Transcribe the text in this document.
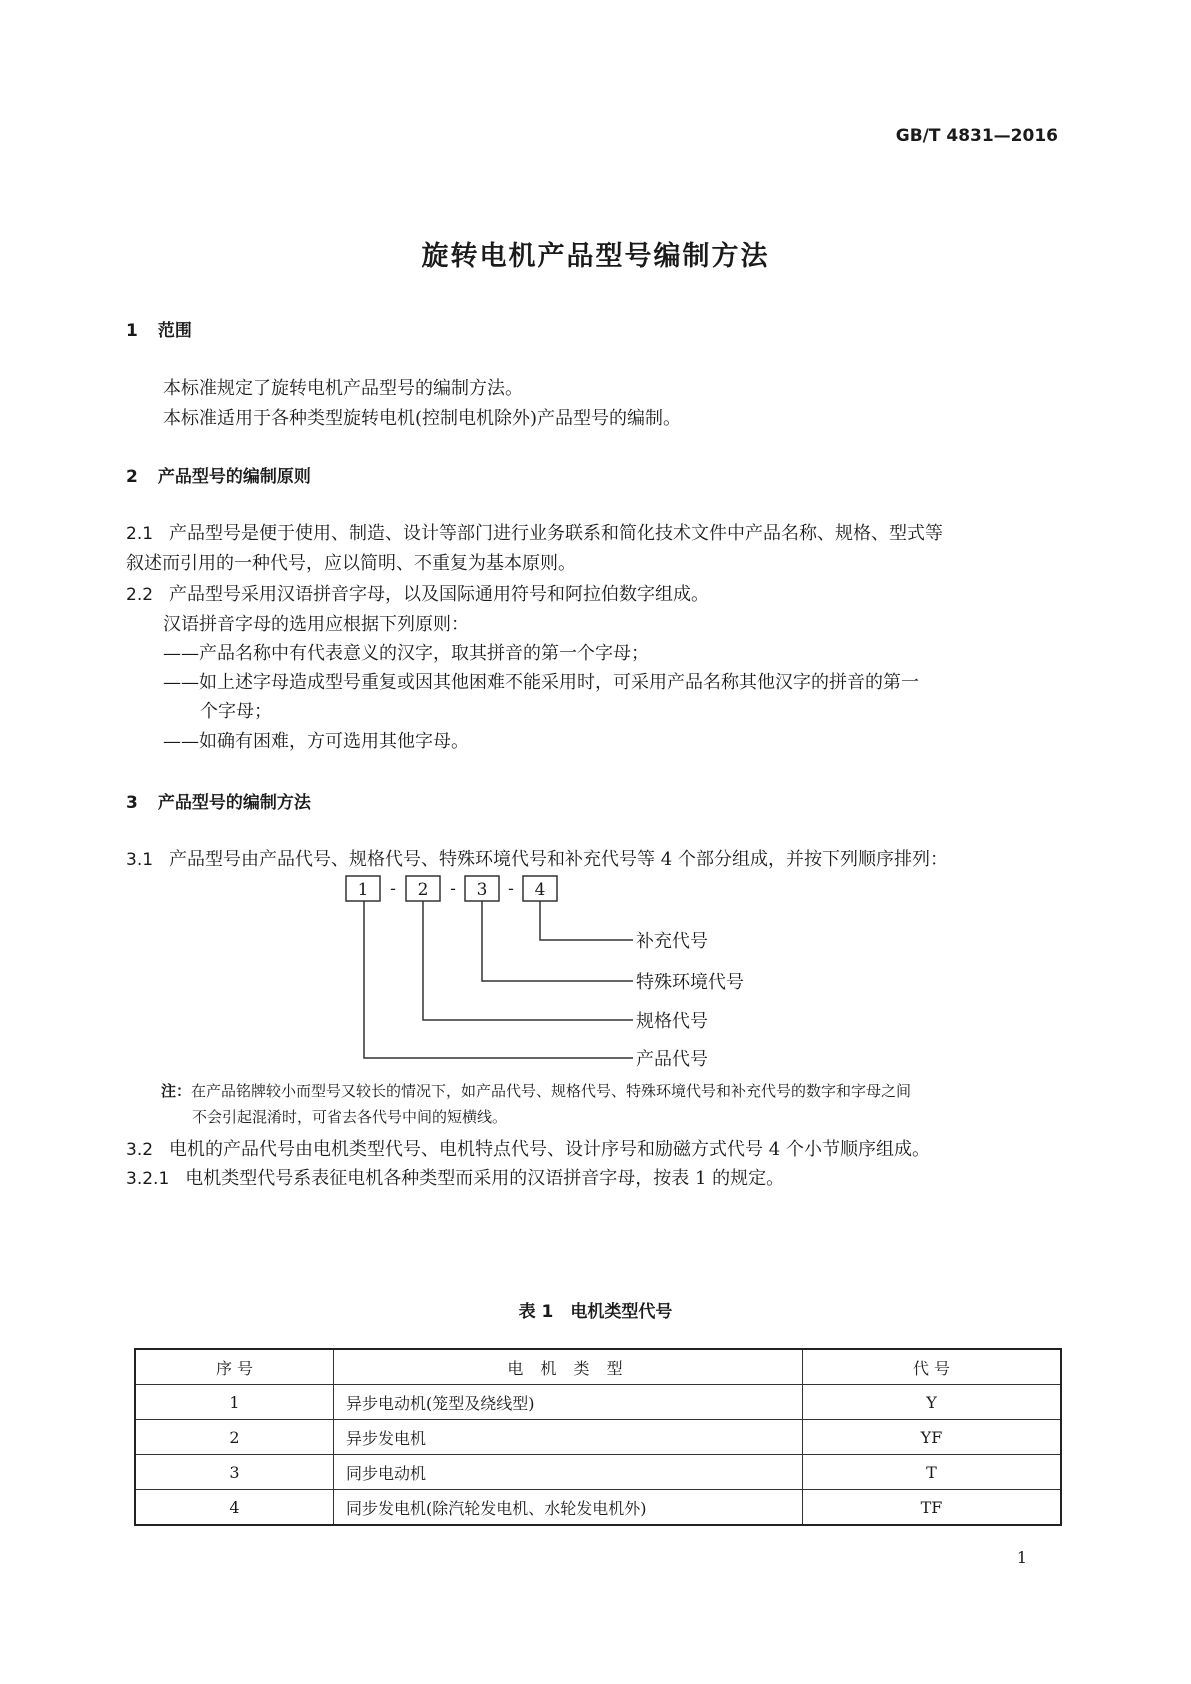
GB/T 4831—2016
旋转电机产品型号编制方法
1 范围
本标准规定了旋转电机产品型号的编制方法。
本标准适用于各种类型旋转电机(控制电机除外)产品型号的编制。
2 产品型号的编制原则
2.1 产品型号是便于使用、制造、设计等部门进行业务联系和简化技术文件中产品名称、规格、型式等
叙述而引用的一种代号，应以简明、不重复为基本原则。
2.2 产品型号采用汉语拼音字母，以及国际通用符号和阿拉伯数字组成。
汉语拼音字母的选用应根据下列原则：
——产品名称中有代表意义的汉字，取其拼音的第一个字母；
——如上述字母造成型号重复或因其他困难不能采用时，可采用产品名称其他汉字的拼音的第一
个字母；
——如确有困难，方可选用其他字母。
3 产品型号的编制方法
3.1 产品型号由产品代号、规格代号、特殊环境代号和补充代号等 4 个部分组成，并按下列顺序排列：
1	2	3	4
-	-	-
补充代号
特殊环境代号
规格代号
产品代号
注：在产品铭牌较小而型号又较长的情况下，如产品代号、规格代号、特殊环境代号和补充代号的数字和字母之间
不会引起混淆时，可省去各代号中间的短横线。
3.2 电机的产品代号由电机类型代号、电机特点代号、设计序号和励磁方式代号 4 个小节顺序组成。
3.2.1 电机类型代号系表征电机各种类型而采用的汉语拼音字母，按表 1 的规定。
表 1　电机类型代号
序 号	电 机 类 型	代 号
1	异步电动机(笼型及绕线型)	Y
2	异步发电机	YF
3	同步电动机	T
4	同步发电机(除汽轮发电机、水轮发电机外)	TF
1
